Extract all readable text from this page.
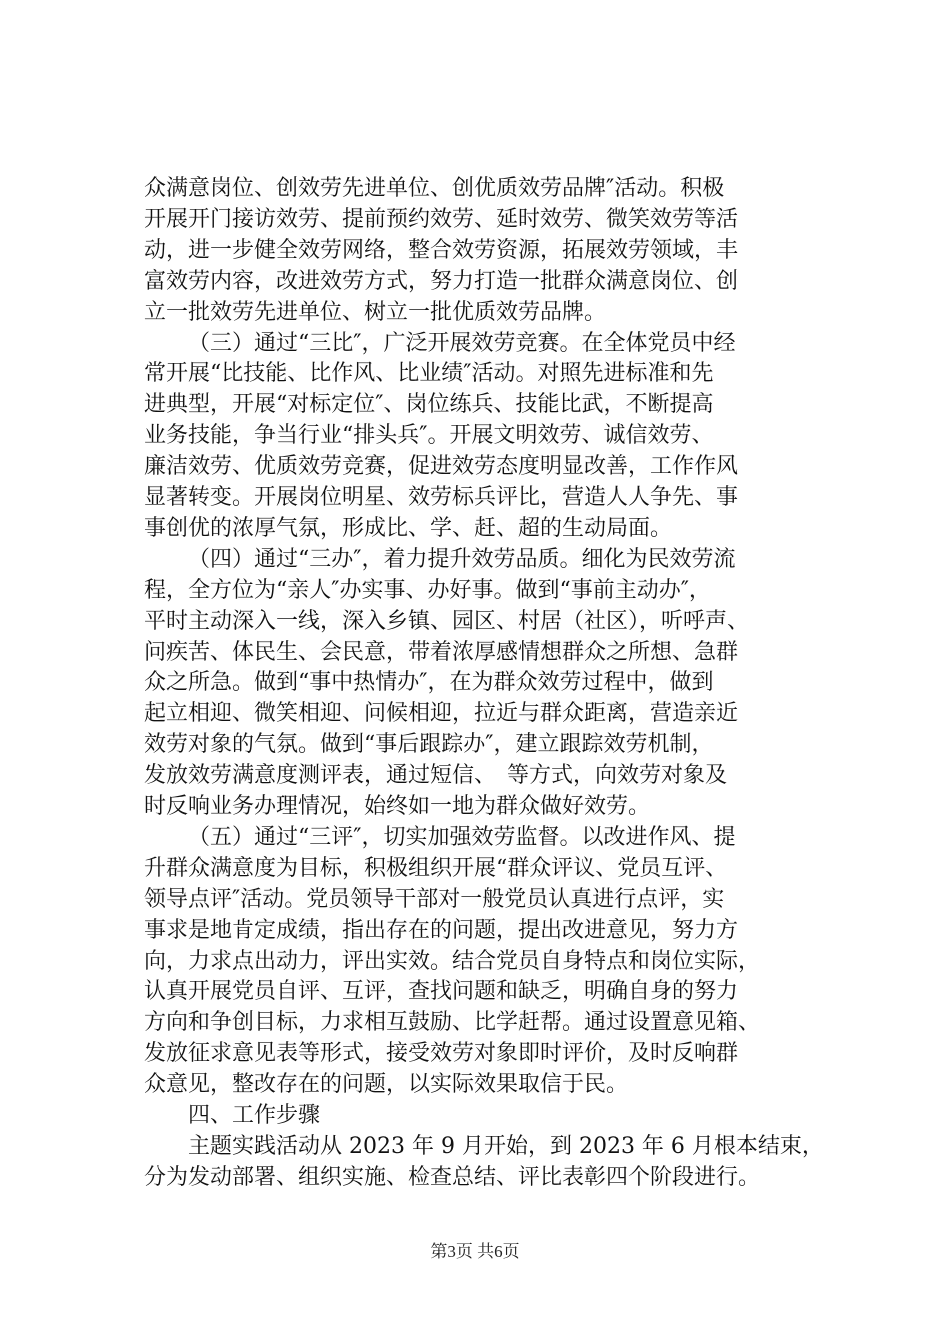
众满意岗位、创效劳先进单位、创优质效劳品牌″活动。积极
开展开门接访效劳、提前预约效劳、延时效劳、微笑效劳等活
动，进一步健全效劳网络，整合效劳资源，拓展效劳领域，丰
富效劳内容，改进效劳方式，努力打造一批群众满意岗位、创
立一批效劳先进单位、树立一批优质效劳品牌。
（三）通过“三比″，广泛开展效劳竞赛。在全体党员中经
常开展“比技能、比作风、比业绩″活动。对照先进标准和先
进典型，开展“对标定位″、岗位练兵、技能比武，不断提高
业务技能，争当行业“排头兵″。开展文明效劳、诚信效劳、
廉洁效劳、优质效劳竞赛，促进效劳态度明显改善，工作作风
显著转变。开展岗位明星、效劳标兵评比，营造人人争先、事
事创优的浓厚气氛，形成比、学、赶、超的生动局面。
（四）通过“三办″，着力提升效劳品质。细化为民效劳流
程，全方位为“亲人″办实事、办好事。做到“事前主动办″，
平时主动深入一线，深入乡镇、园区、村居（社区），听呼声、
问疾苦、体民生、会民意，带着浓厚感情想群众之所想、急群
众之所急。做到“事中热情办″，在为群众效劳过程中，做到
起立相迎、微笑相迎、问候相迎，拉近与群众距离，营造亲近
效劳对象的气氛。做到“事后跟踪办″，建立跟踪效劳机制，
发放效劳满意度测评表，通过短信、　等方式，向效劳对象及
时反响业务办理情况，始终如一地为群众做好效劳。
（五）通过“三评″，切实加强效劳监督。以改进作风、提
升群众满意度为目标，积极组织开展“群众评议、党员互评、
领导点评″活动。党员领导干部对一般党员认真进行点评，实
事求是地肯定成绩，指出存在的问题，提出改进意见，努力方
向，力求点出动力，评出实效。结合党员自身特点和岗位实际，
认真开展党员自评、互评，查找问题和缺乏，明确自身的努力
方向和争创目标，力求相互鼓励、比学赶帮。通过设置意见箱、
发放征求意见表等形式，接受效劳对象即时评价，及时反响群
众意见，整改存在的问题，以实际效果取信于民。
四、工作步骤
主题实践活动从 2023 年 9 月开始，到 2023 年 6 月根本结束，
分为发动部署、组织实施、检查总结、评比表彰四个阶段进行。
第3页 共6页
